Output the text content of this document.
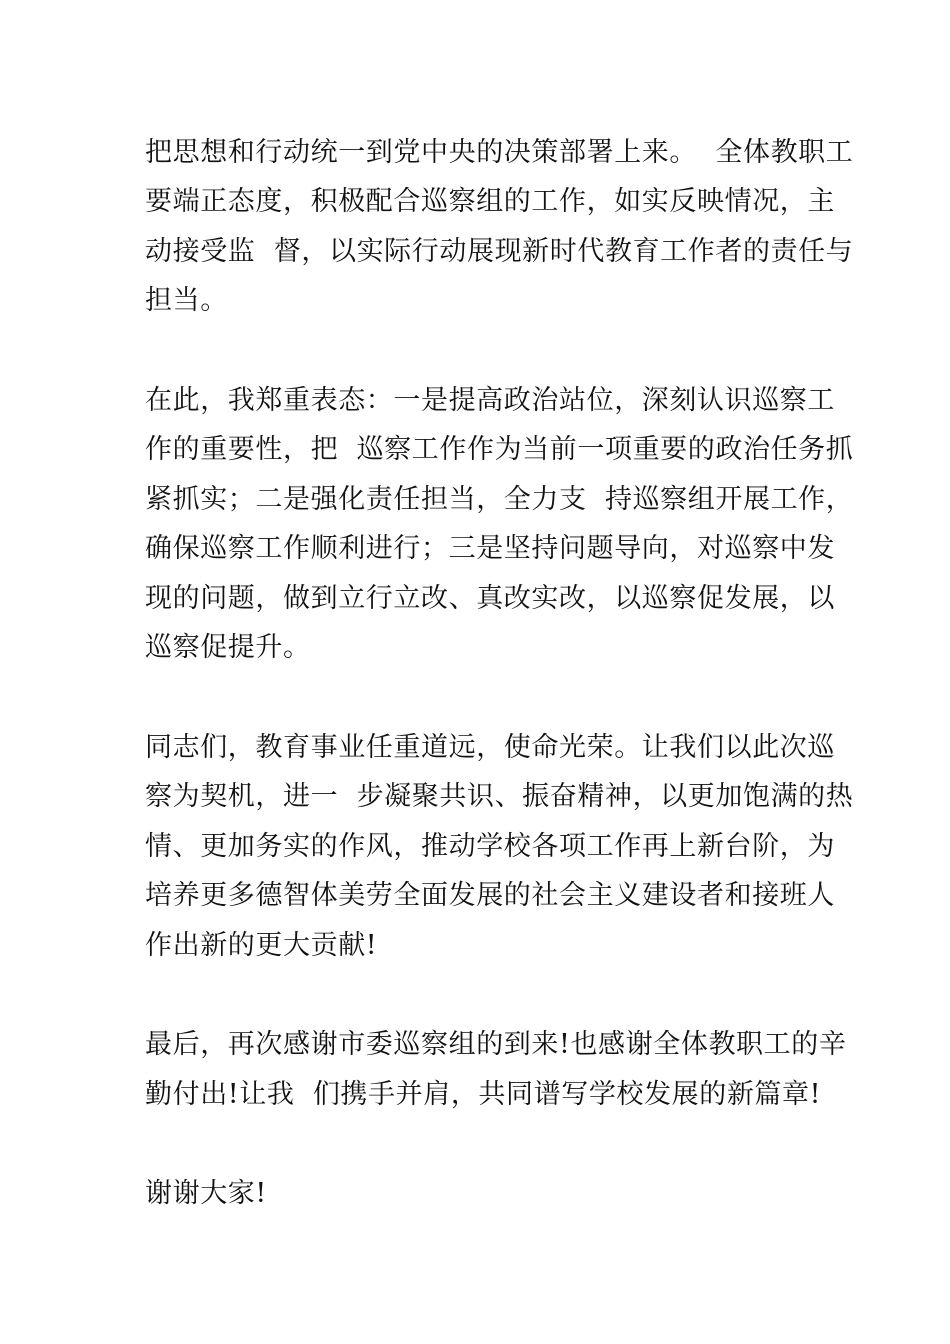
把思想和行动统一到党中央的决策部署上来。  全体教职工
要端正态度，积极配合巡察组的工作，如实反映情况，主
动接受监  督，以实际行动展现新时代教育工作者的责任与
担当。
在此，我郑重表态：一是提高政治站位，深刻认识巡察工
作的重要性，把  巡察工作作为当前一项重要的政治任务抓
紧抓实；二是强化责任担当，全力支  持巡察组开展工作，
确保巡察工作顺利进行；三是坚持问题导向，对巡察中发
现的问题，做到立行立改、真改实改，以巡察促发展，以
巡察促提升。
同志们，教育事业任重道远，使命光荣。让我们以此次巡
察为契机，进一  步凝聚共识、振奋精神，以更加饱满的热
情、更加务实的作风，推动学校各项工作再上新台阶，为
培养更多德智体美劳全面发展的社会主义建设者和接班人
作出新的更大贡献!
最后，再次感谢市委巡察组的到来!也感谢全体教职工的辛
勤付出!让我  们携手并肩，共同谱写学校发展的新篇章!
谢谢大家!
